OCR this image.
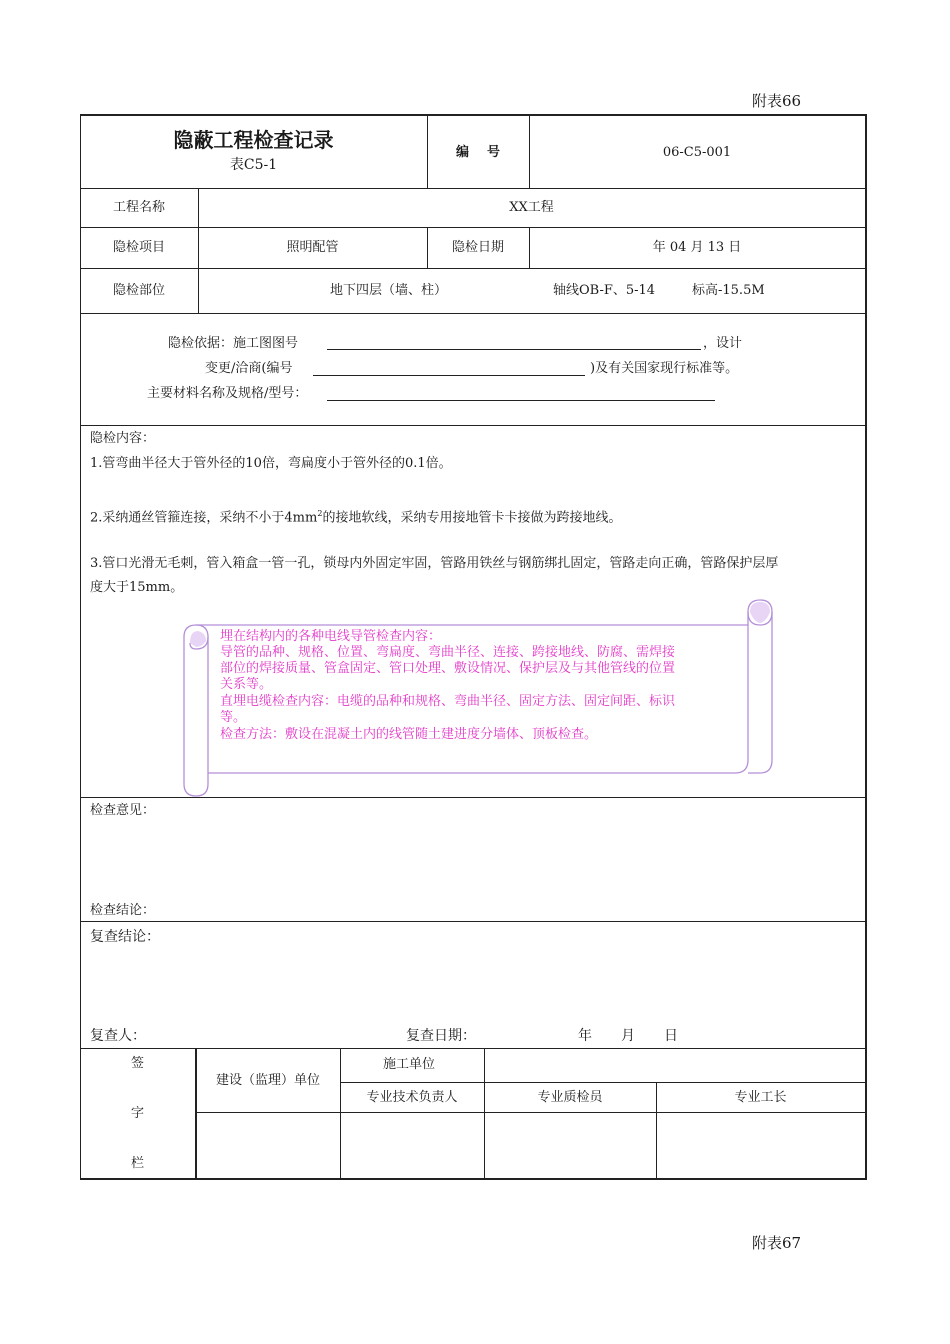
附表66
隐蔽工程检查记录
表C5-1
编    号	06-C5-001
工程名称	XX工程
隐检项目	照明配管	隐检日期	年 04 月 13 日
隐检部位	地下四层（墙、柱）	轴线OB-F、5-14	标高-15.5M
隐检依据：施工图图号	，设计
变更/洽商(编号	)及有关国家现行标准等。
主要材料名称及规格/型号：
隐检内容：
1.管弯曲半径大于管外径的10倍，弯扁度小于管外径的0.1倍。
2.采纳通丝管箍连接，采纳不小于$4mm^2$的接地软线，采纳专用接地管卡卡接做为跨接地线。
3.管口光滑无毛刺，管入箱盒一管一孔，锁母内外固定牢固，管路用铁丝与钢筋绑扎固定，管路走向正确，管路保护层厚
度大于15mm。
埋在结构内的各种电线导管检查内容：
导管的品种、规格、位置、弯扁度、弯曲半径、连接、跨接地线、防腐、需焊接
部位的焊接质量、管盒固定、管口处理、敷设情况、保护层及与其他管线的位置
关系等。
直埋电缆检查内容：电缆的品种和规格、弯曲半径、固定方法、固定间距、标识
等。
检查方法：敷设在混凝土内的线管随土建进度分墙体、顶板检查。
检查意见：
检查结论：
复查结论：
复查人：	复查日期：	年 月 日
签
字
栏
建设（监理）单位
施工单位
专业技术负责人	专业质检员	专业工长
附表67
